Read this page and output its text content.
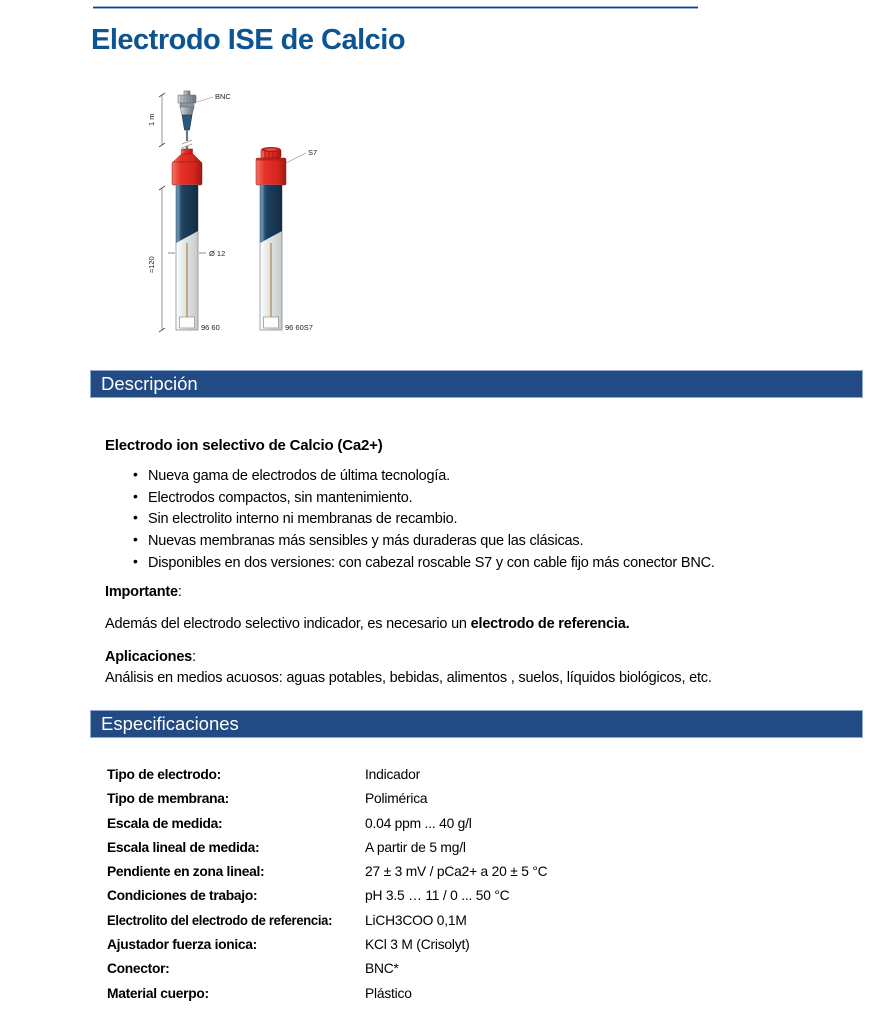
Electrodo ISE de Calcio
1 m
≈120
Ø 12
BNC
96 60
S7
96 60S7
Descripción
Electrodo ion selectivo de Calcio (Ca2+)
• Nueva gama de electrodos de última tecnología.
• Electrodos compactos, sin mantenimiento.
• Sin electrolito interno ni membranas de recambio.
• Nuevas membranas más sensibles y más duraderas que las clásicas.
• Disponibles en dos versiones: con cabezal roscable S7 y con cable fijo más conector BNC.
Importante:
Además del electrodo selectivo indicador, es necesario un electrodo de referencia.
Aplicaciones:
Análisis en medios acuosos: aguas potables, bebidas, alimentos , suelos, líquidos biológicos, etc.
Especificaciones
Tipo de electrodo:	Indicador
Tipo de membrana:	Polimérica
Escala de medida:	0.04 ppm ... 40 g/l
Escala lineal de medida:	A partir de 5 mg/l
Pendiente en zona lineal:	27 ± 3 mV / pCa2+ a 20 ± 5 °C
Condiciones de trabajo:	pH 3.5 … 11 / 0 ... 50 °C
Electrolito del electrodo de referencia: LiCH3COO 0,1M
Ajustador fuerza ionica:	KCl 3 M (Crisolyt)
Conector:	BNC*
Material cuerpo:	Plástico
